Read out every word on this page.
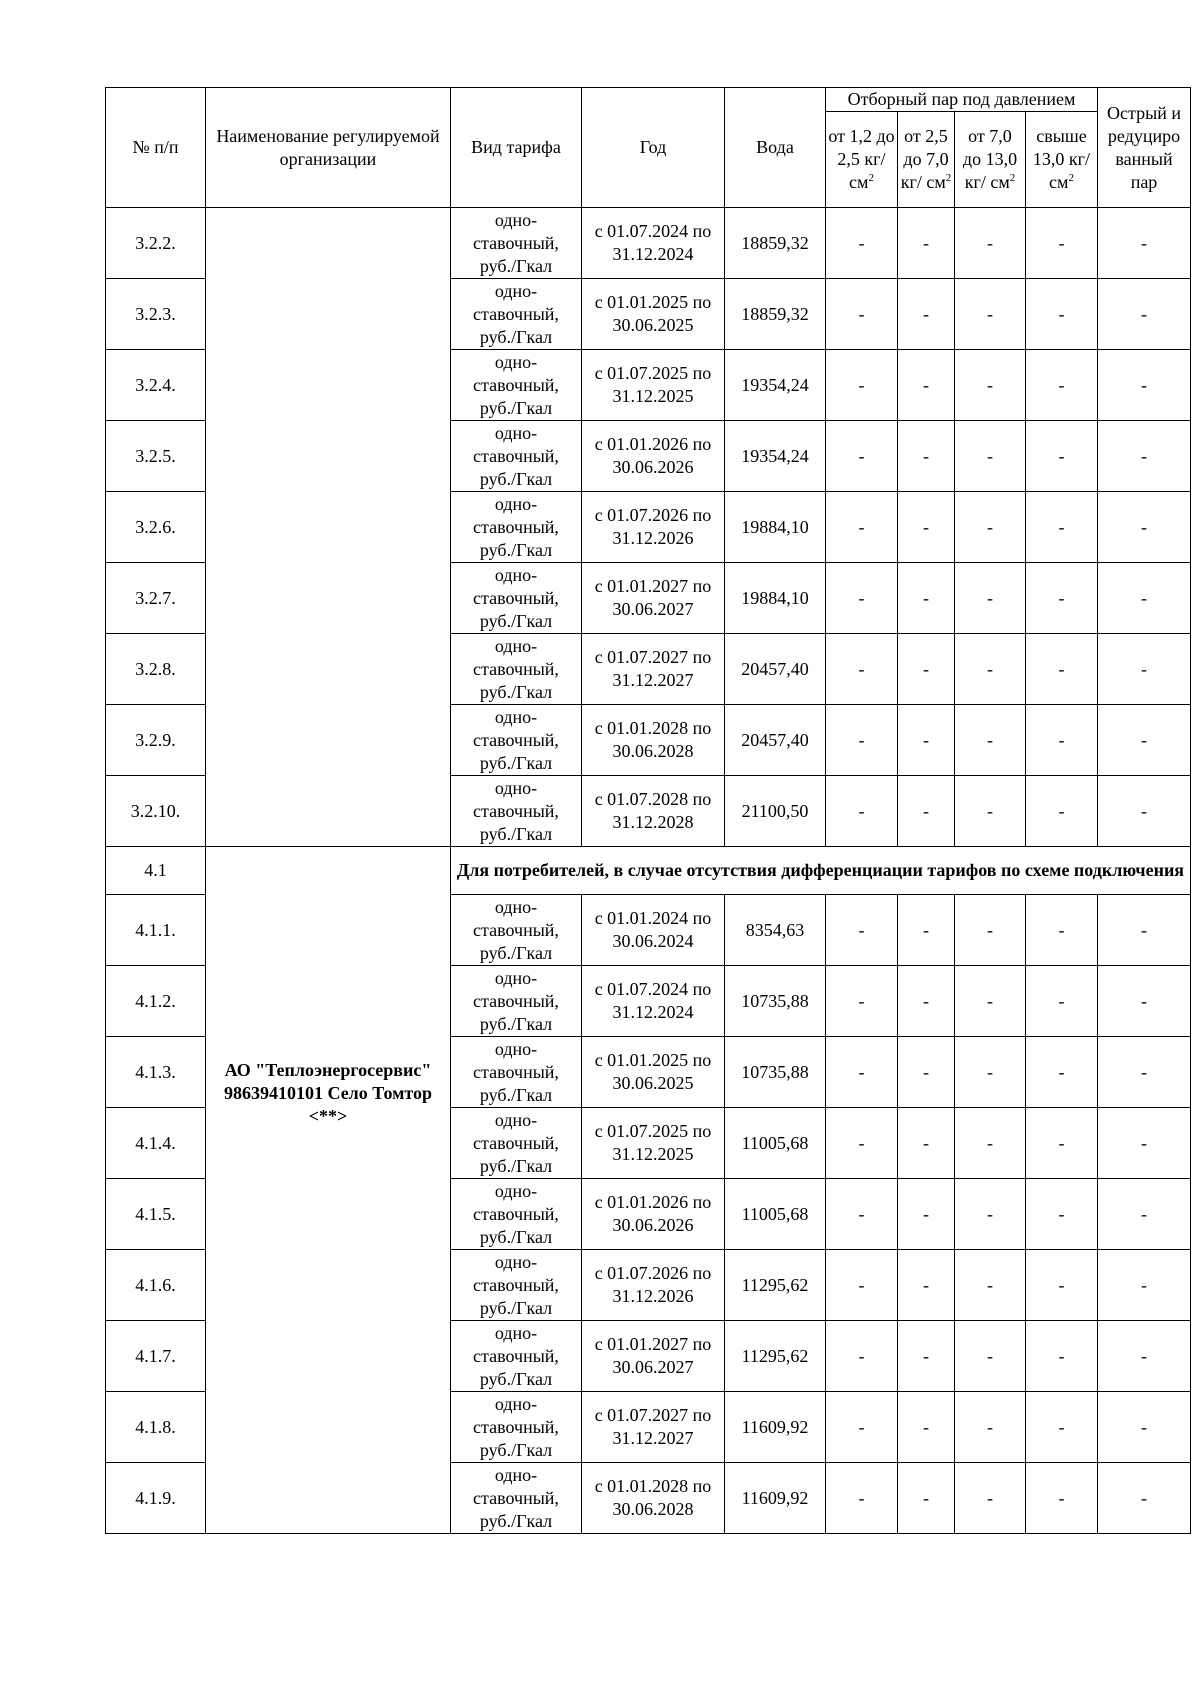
№ п/п	Наименование регулируемой организации	Вид тарифа	Год	Вода	Отборный пар под давлением				Острый и редуциро ванный пар
					от 1,2 до 2,5 кг/ $см^2$	от 2,5 до 7,0 кг/ $см^2$	от 7,0 до 13,0 кг/ $см^2$	свыше 13,0 кг/ $см^2$
3.2.2.		одно- ставочный, руб./Гкал	с 01.07.2024 по 31.12.2024	18859,32	-	-	-	-	-
3.2.3.		одно- ставочный, руб./Гкал	с 01.01.2025 по 30.06.2025	18859,32	-	-	-	-	-
3.2.4.		одно- ставочный, руб./Гкал	с 01.07.2025 по 31.12.2025	19354,24	-	-	-	-	-
3.2.5.		одно- ставочный, руб./Гкал	с 01.01.2026 по 30.06.2026	19354,24	-	-	-	-	-
3.2.6.		одно- ставочный, руб./Гкал	с 01.07.2026 по 31.12.2026	19884,10	-	-	-	-	-
3.2.7.		одно- ставочный, руб./Гкал	с 01.01.2027 по 30.06.2027	19884,10	-	-	-	-	-
3.2.8.		одно- ставочный, руб./Гкал	с 01.07.2027 по 31.12.2027	20457,40	-	-	-	-	-
3.2.9.		одно- ставочный, руб./Гкал	с 01.01.2028 по 30.06.2028	20457,40	-	-	-	-	-
3.2.10.		одно- ставочный, руб./Гкал	с 01.07.2028 по 31.12.2028	21100,50	-	-	-	-	-
4.1	АО "Теплоэнергосервис" 98639410101 Село Томтор <**>	Для потребителей, в случае отсутствия дифференциации тарифов по схеме подключения							
4.1.1.		одно- ставочный, руб./Гкал	с 01.01.2024 по 30.06.2024	8354,63	-	-	-	-	-
4.1.2.		одно- ставочный, руб./Гкал	с 01.07.2024 по 31.12.2024	10735,88	-	-	-	-	-
4.1.3.		одно- ставочный, руб./Гкал	с 01.01.2025 по 30.06.2025	10735,88	-	-	-	-	-
4.1.4.		одно- ставочный, руб./Гкал	с 01.07.2025 по 31.12.2025	11005,68	-	-	-	-	-
4.1.5.		одно- ставочный, руб./Гкал	с 01.01.2026 по 30.06.2026	11005,68	-	-	-	-	-
4.1.6.		одно- ставочный, руб./Гкал	с 01.07.2026 по 31.12.2026	11295,62	-	-	-	-	-
4.1.7.		одно- ставочный, руб./Гкал	с 01.01.2027 по 30.06.2027	11295,62	-	-	-	-	-
4.1.8.		одно- ставочный, руб./Гкал	с 01.07.2027 по 31.12.2027	11609,92	-	-	-	-	-
4.1.9.		одно- ставочный, руб./Гкал	с 01.01.2028 по 30.06.2028	11609,92	-	-	-	-	-
